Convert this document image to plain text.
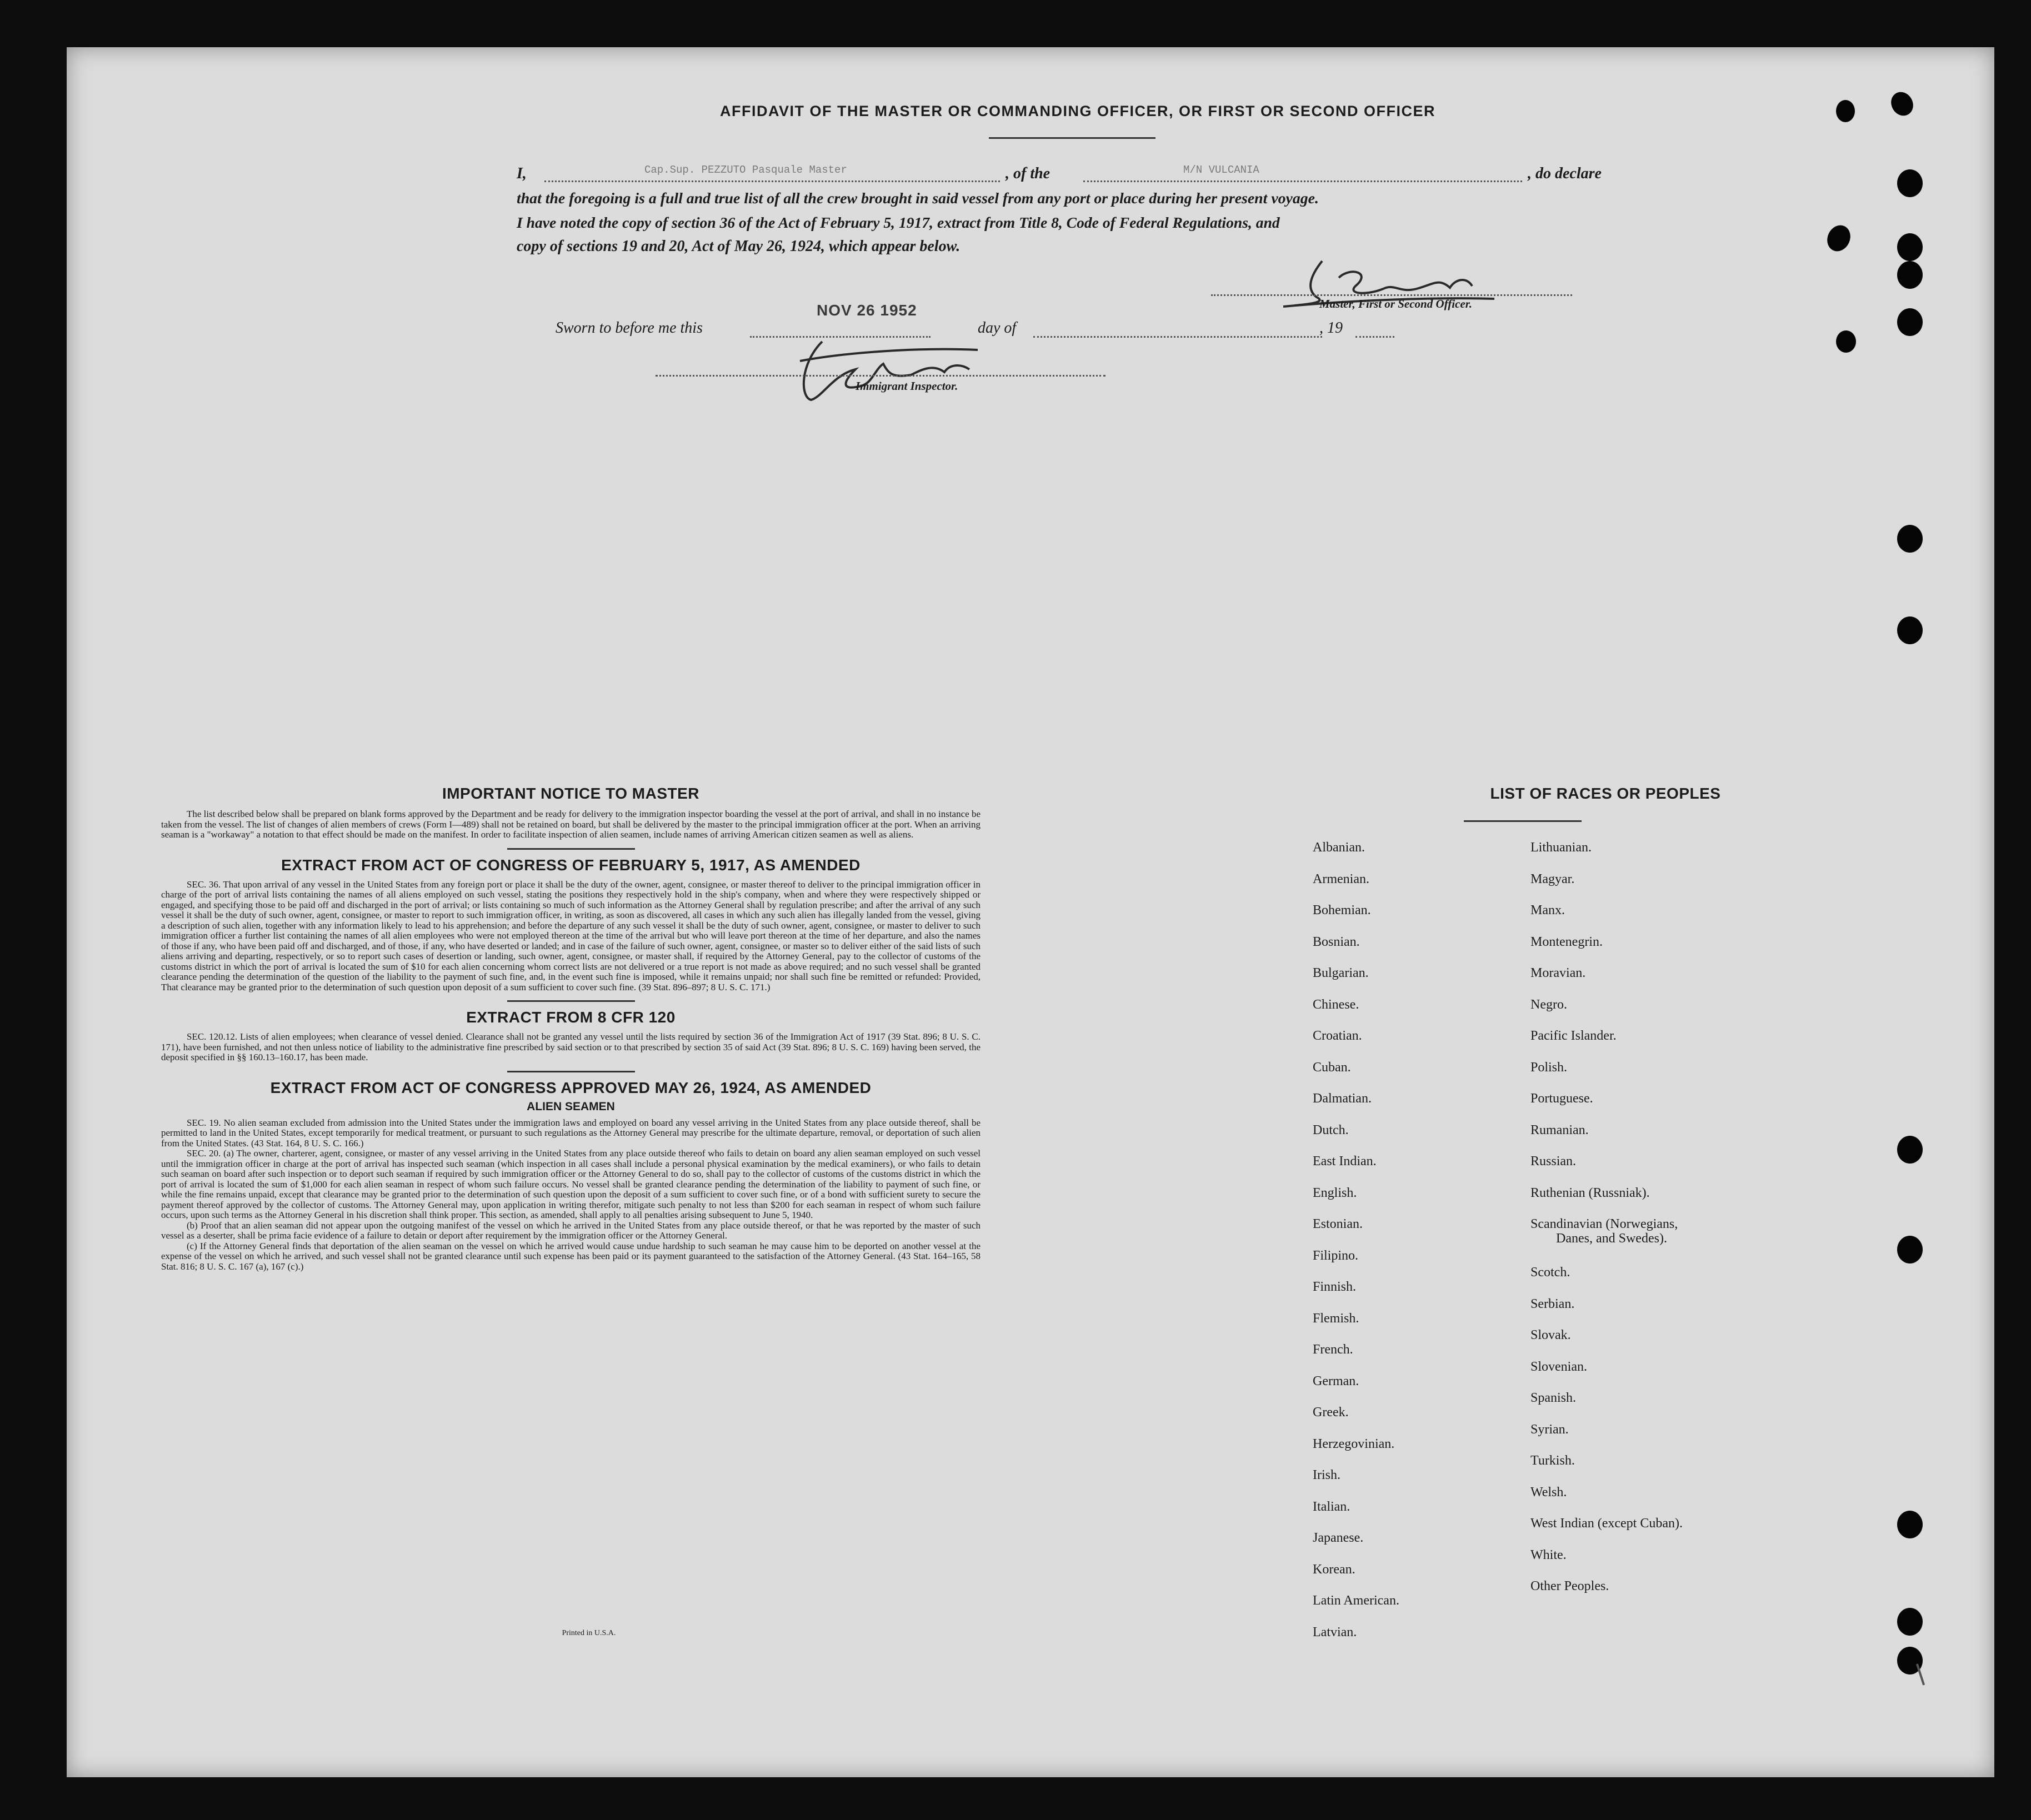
AFFIDAVIT OF THE MASTER OR COMMANDING OFFICER, OR FIRST OR SECOND OFFICER
I,	Cap.Sup. PEZZUTO Pasquale Master	, of the	M/N VULCANIA	, do declare
that the foregoing is a full and true list of all the crew brought in said vessel from any port or place during her present voyage.
I have noted the copy of section 36 of the Act of February 5, 1917, extract from Title 8, Code of Federal Regulations, and
copy of sections 19 and 20, Act of May 26, 1924, which appear below.
Master, First or Second Officer.
Sworn to before me this
NOV 26 1952
day of	, 19
Immigrant Inspector.
IMPORTANT NOTICE TO MASTER

The list described below shall be prepared on blank forms approved by the Department and be ready for delivery to the immigration inspector boarding the vessel at the port of arrival, and shall in no instance be taken from the vessel. The list of changes of alien members of crews (Form I—489) shall not be retained on board, but shall be delivered by the master to the principal immigration officer at the port. When an arriving seaman is a "workaway" a notation to that effect should be made on the manifest. In order to facilitate inspection of alien seamen, include names of arriving American citizen seamen as well as aliens.

EXTRACT FROM ACT OF CONGRESS OF FEBRUARY 5, 1917, AS AMENDED

SEC. 36. That upon arrival of any vessel in the United States from any foreign port or place it shall be the duty of the owner, agent, consignee, or master thereof to deliver to the principal immigration officer in charge of the port of arrival lists containing the names of all aliens employed on such vessel, stating the positions they respectively hold in the ship's company, when and where they were respectively shipped or engaged, and specifying those to be paid off and discharged in the port of arrival; or lists containing so much of such information as the Attorney General shall by regulation prescribe; and after the arrival of any such vessel it shall be the duty of such owner, agent, consignee, or master to report to such immigration officer, in writing, as soon as discovered, all cases in which any such alien has illegally landed from the vessel, giving a description of such alien, together with any information likely to lead to his apprehension; and before the departure of any such vessel it shall be the duty of such owner, agent, consignee, or master to deliver to such immigration officer a further list containing the names of all alien employees who were not employed thereon at the time of the arrival but who will leave port thereon at the time of her departure, and also the names of those if any, who have been paid off and discharged, and of those, if any, who have deserted or landed; and in case of the failure of such owner, agent, consignee, or master so to deliver either of the said lists of such aliens arriving and departing, respectively, or so to report such cases of desertion or landing, such owner, agent, consignee, or master shall, if required by the Attorney General, pay to the collector of customs of the customs district in which the port of arrival is located the sum of $10 for each alien concerning whom correct lists are not delivered or a true report is not made as above required; and no such vessel shall be granted clearance pending the determination of the question of the liability to the payment of such fine, and, in the event such fine is imposed, while it remains unpaid; nor shall such fine be remitted or refunded: Provided, That clearance may be granted prior to the determination of such question upon deposit of a sum sufficient to cover such fine. (39 Stat. 896–897; 8 U. S. C. 171.)

EXTRACT FROM 8 CFR 120

SEC. 120.12. Lists of alien employees; when clearance of vessel denied. Clearance shall not be granted any vessel until the lists required by section 36 of the Immigration Act of 1917 (39 Stat. 896; 8 U. S. C. 171), have been furnished, and not then unless notice of liability to the administrative fine prescribed by said section or to that prescribed by section 35 of said Act (39 Stat. 896; 8 U. S. C. 169) having been served, the deposit specified in §§ 160.13–160.17, has been made.

EXTRACT FROM ACT OF CONGRESS APPROVED MAY 26, 1924, AS AMENDED
ALIEN SEAMEN

SEC. 19. No alien seaman excluded from admission into the United States under the immigration laws and employed on board any vessel arriving in the United States from any place outside thereof, shall be permitted to land in the United States, except temporarily for medical treatment, or pursuant to such regulations as the Attorney General may prescribe for the ultimate departure, removal, or deportation of such alien from the United States. (43 Stat. 164, 8 U. S. C. 166.)

SEC. 20. (a) The owner, charterer, agent, consignee, or master of any vessel arriving in the United States from any place outside thereof who fails to detain on board any alien seaman employed on such vessel until the immigration officer in charge at the port of arrival has inspected such seaman (which inspection in all cases shall include a personal physical examination by the medical examiners), or who fails to detain such seaman on board after such inspection or to deport such seaman if required by such immigration officer or the Attorney General to do so, shall pay to the collector of customs of the customs district in which the port of arrival is located the sum of $1,000 for each alien seaman in respect of whom such failure occurs. No vessel shall be granted clearance pending the determination of the liability to payment of such fine, or while the fine remains unpaid, except that clearance may be granted prior to the determination of such question upon the deposit of a sum sufficient to cover such fine, or of a bond with sufficient surety to secure the payment thereof approved by the collector of customs. The Attorney General may, upon application in writing therefor, mitigate such penalty to not less than $200 for each seaman in respect of whom such failure occurs, upon such terms as the Attorney General in his discretion shall think proper. This section, as amended, shall apply to all penalties arising subsequent to June 5, 1940.

(b) Proof that an alien seaman did not appear upon the outgoing manifest of the vessel on which he arrived in the United States from any place outside thereof, or that he was reported by the master of such vessel as a deserter, shall be prima facie evidence of a failure to detain or deport after requirement by the immigration officer or the Attorney General.

(c) If the Attorney General finds that deportation of the alien seaman on the vessel on which he arrived would cause undue hardship to such seaman he may cause him to be deported on another vessel at the expense of the vessel on which he arrived, and such vessel shall not be granted clearance until such expense has been paid or its payment guaranteed to the satisfaction of the Attorney General. (43 Stat. 164–165, 58 Stat. 816; 8 U. S. C. 167 (a), 167 (c).)

Printed in U.S.A.
LIST OF RACES OR PEOPLES
Albanian.
Armenian.
Bohemian.
Bosnian.
Bulgarian.
Chinese.
Croatian.
Cuban.
Dalmatian.
Dutch.
East Indian.
English.
Estonian.
Filipino.
Finnish.
Flemish.
French.
German.
Greek.
Herzegovinian.
Irish.
Italian.
Japanese.
Korean.
Latin American.
Latvian.
Lithuanian.
Magyar.
Manx.
Montenegrin.
Moravian.
Negro.
Pacific Islander.
Polish.
Portuguese.
Rumanian.
Russian.
Ruthenian (Russniak).
Scandinavian (Norwegians,
Danes, and Swedes).
Scotch.
Serbian.
Slovak.
Slovenian.
Spanish.
Syrian.
Turkish.
Welsh.
West Indian (except Cuban).
White.
Other Peoples.
